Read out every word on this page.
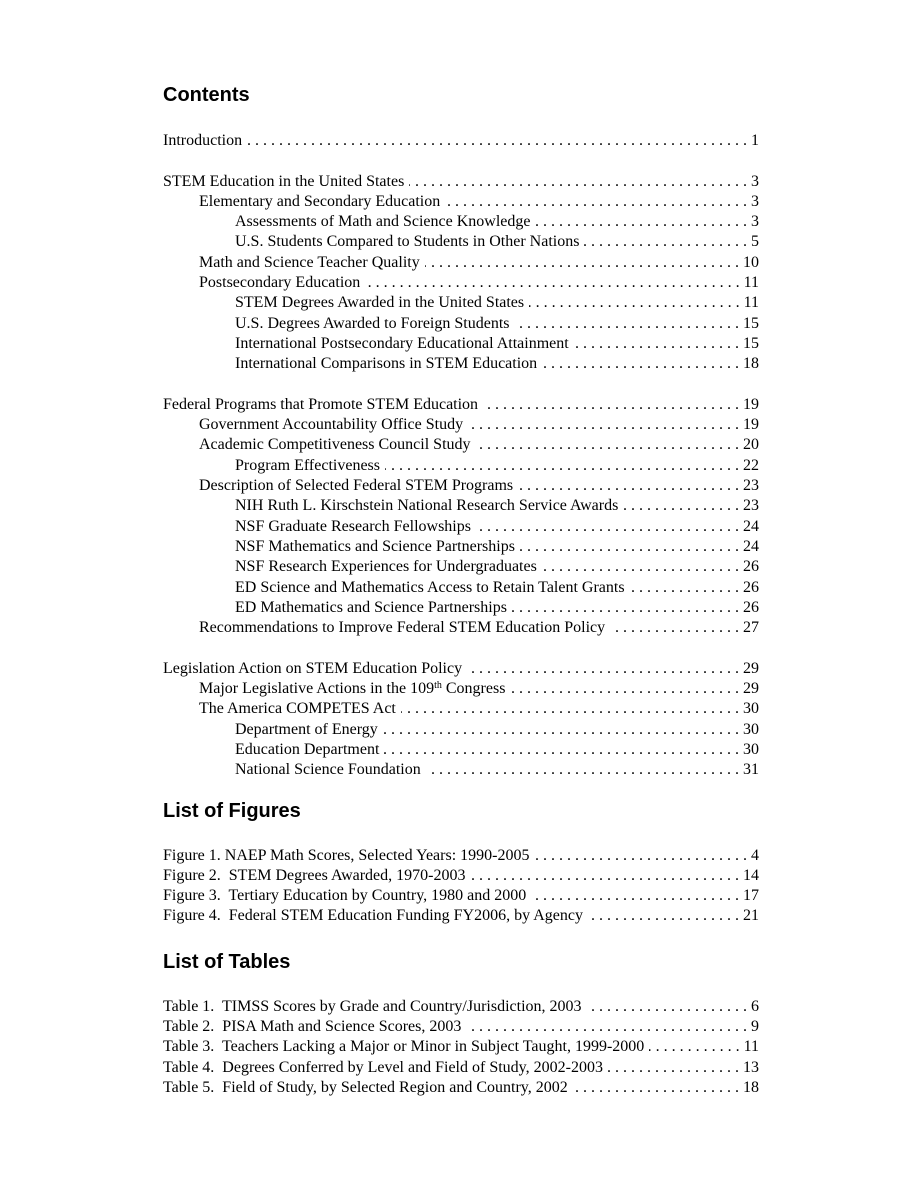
Contents
Introduction . . .	1
STEM Education in the United States . . .	3
Elementary and Secondary Education . . .	3
Assessments of Math and Science Knowledge . . .	3
U.S. Students Compared to Students in Other Nations . . .	5
Math and Science Teacher Quality . . .	10
Postsecondary Education . . .	11
STEM Degrees Awarded in the United States . . .	11
U.S. Degrees Awarded to Foreign Students . . .	15
International Postsecondary Educational Attainment . . .	15
International Comparisons in STEM Education . . .	18
Federal Programs that Promote STEM Education . . .	19
Government Accountability Office Study . . .	19
Academic Competitiveness Council Study . . .	20
Program Effectiveness . . .	22
Description of Selected Federal STEM Programs . . .	23
NIH Ruth L. Kirschstein National Research Service Awards . . .	23
NSF Graduate Research Fellowships . . .	24
NSF Mathematics and Science Partnerships . . .	24
NSF Research Experiences for Undergraduates . . .	26
ED Science and Mathematics Access to Retain Talent Grants . . .	26
ED Mathematics and Science Partnerships . . .	26
Recommendations to Improve Federal STEM Education Policy . . .	27
Legislation Action on STEM Education Policy . . .	29
Major Legislative Actions in the 109th Congress . . .	29
The America COMPETES Act . . .	30
Department of Energy . . .	30
Education Department . . .	30
National Science Foundation . . .	31
List of Figures
Figure 1. NAEP Math Scores, Selected Years: 1990-2005 . . .	4
Figure 2.  STEM Degrees Awarded, 1970-2003 . . .	14
Figure 3.  Tertiary Education by Country, 1980 and 2000 . . .	17
Figure 4.  Federal STEM Education Funding FY2006, by Agency . . .	21
List of Tables
Table 1.  TIMSS Scores by Grade and Country/Jurisdiction, 2003 . . .	6
Table 2.  PISA Math and Science Scores, 2003 . . .	9
Table 3.  Teachers Lacking a Major or Minor in Subject Taught, 1999-2000 . . .	11
Table 4.  Degrees Conferred by Level and Field of Study, 2002-2003 . . .	13
Table 5.  Field of Study, by Selected Region and Country, 2002 . . .	18
